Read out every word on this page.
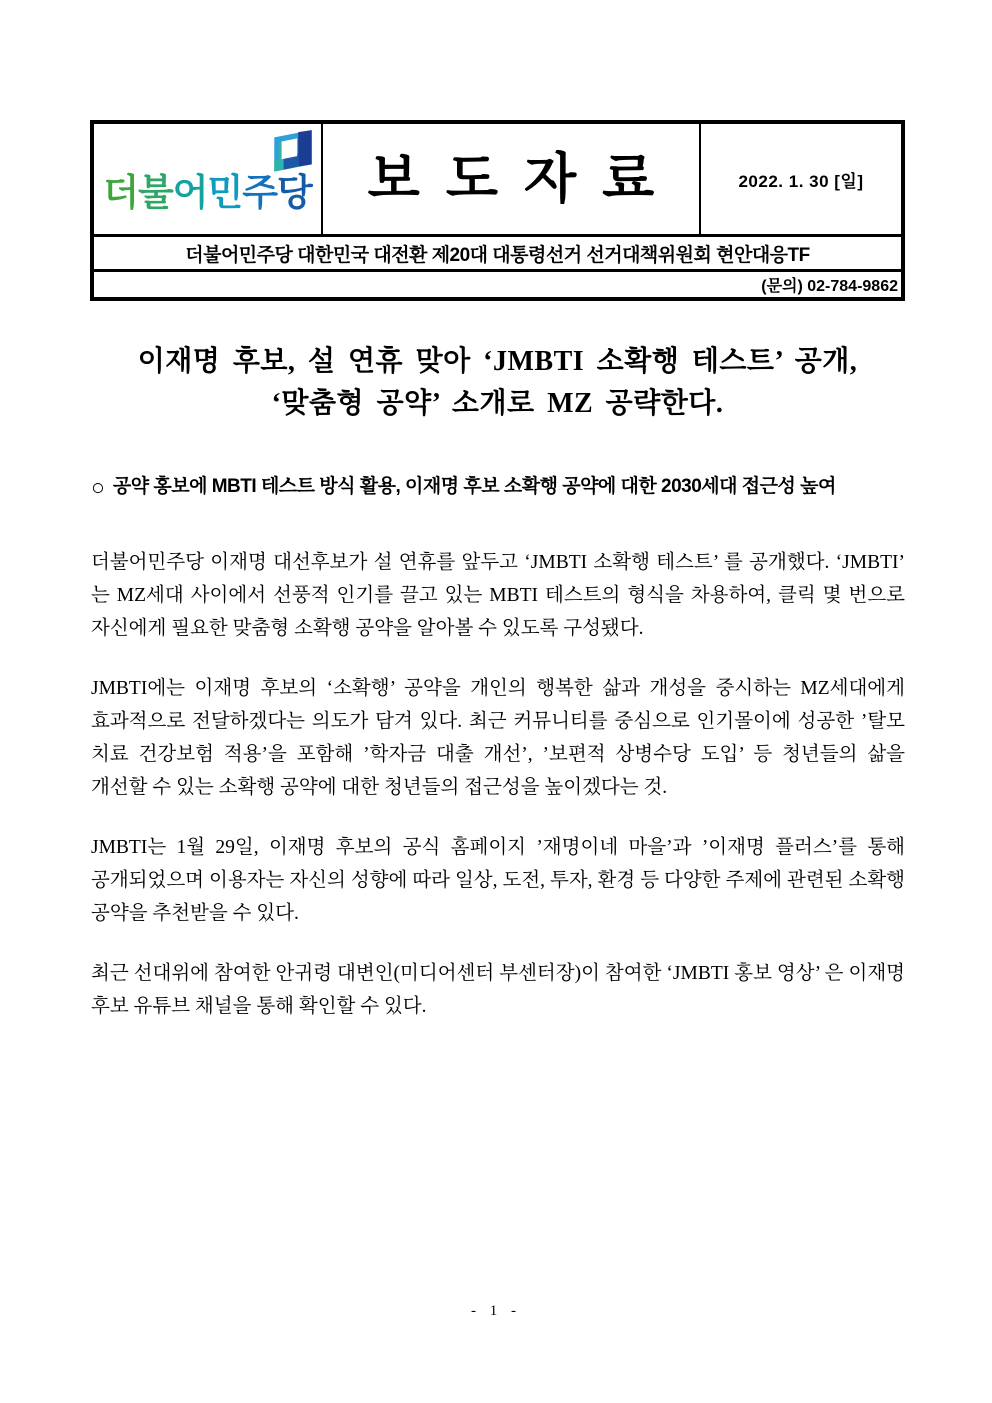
더불어민주당 보도자료	2022. 1. 30 [일]
더불어민주당 대한민국 대전환 제20대 대통령선거 선거대책위원회 현안대응TF
(문의) 02-784-9862
이재명 후보, 설 연휴 맞아 ‘JMBTI 소확행 테스트’ 공개,
‘맞춤형 공약’ 소개로 MZ 공략한다.
○ 공약 홍보에 MBTI 테스트 방식 활용, 이재명 후보 소확행 공약에 대한 2030세대 접근성 높여

더불어민주당 이재명 대선후보가 설 연휴를 앞두고 ‘JMBTI 소확행 테스트’ 를 공개했다. ‘JMBTI’ 는 MZ세대 사이에서 선풍적 인기를 끌고 있는 MBTI 테스트의 형식을 차용하여, 클릭 몇 번으로 자신에게 필요한 맞춤형 소확행 공약을 알아볼 수 있도록 구성됐다.

JMBTI에는 이재명 후보의 ‘소확행’ 공약을 개인의 행복한 삶과 개성을 중시하는 MZ세대에게 효과적으로 전달하겠다는 의도가 담겨 있다. 최근 커뮤니티를 중심으로 인기몰이에 성공한 ’탈모 치료 건강보험 적용’을 포함해 ’학자금 대출 개선’, ’보편적 상병수당 도입’ 등 청년들의 삶을 개선할 수 있는 소확행 공약에 대한 청년들의 접근성을 높이겠다는 것.

JMBTI는 1월 29일, 이재명 후보의 공식 홈페이지 ’재명이네 마을’과 ’이재명 플러스’를 통해 공개되었으며 이용자는 자신의 성향에 따라 일상, 도전, 투자, 환경 등 다양한 주제에 관련된 소확행 공약을 추천받을 수 있다.

최근 선대위에 참여한 안귀령 대변인(미디어센터 부센터장)이 참여한 ‘JMBTI 홍보 영상’ 은 이재명 후보 유튜브 채널을 통해 확인할 수 있다.

- 1 -
